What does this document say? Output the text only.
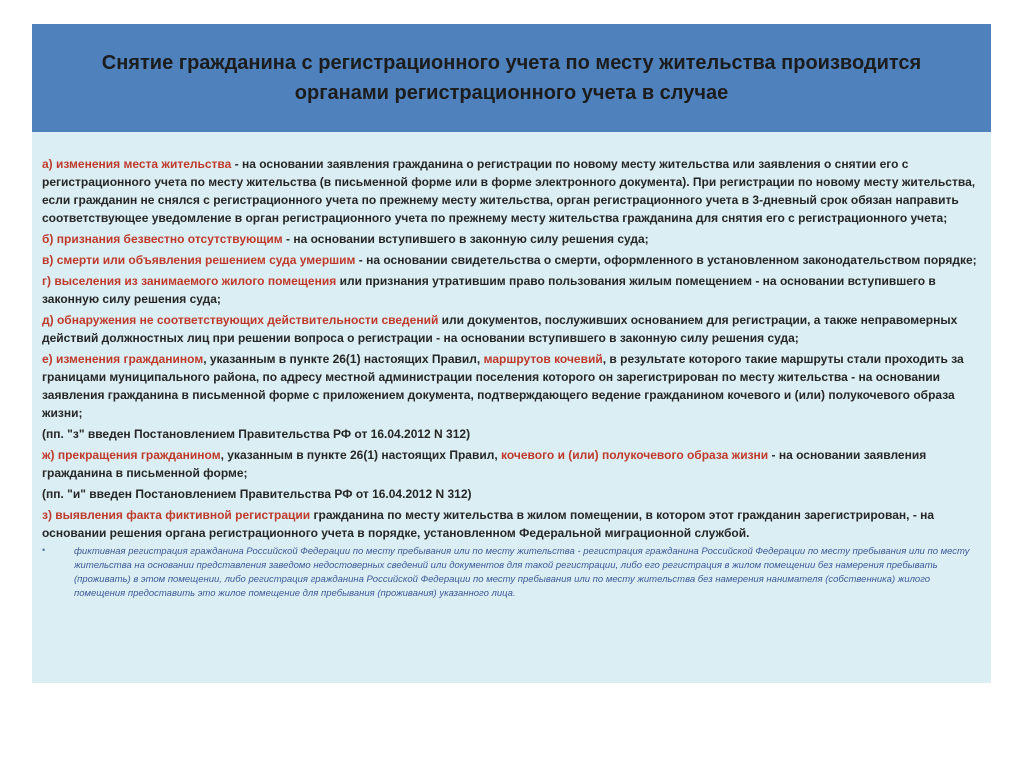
Снятие гражданина с регистрационного учета по месту жительства производится органами регистрационного учета в случае

а) изменения места жительства - на основании заявления гражданина о регистрации по новому месту жительства или заявления о снятии его с регистрационного учета по месту жительства (в письменной форме или в форме электронного документа). При регистрации по новому месту жительства, если гражданин не снялся с регистрационного учета по прежнему месту жительства, орган регистрационного учета в 3-дневный срок обязан направить соответствующее уведомление в орган регистрационного учета по прежнему месту жительства гражданина для снятия его с регистрационного учета;

б) признания безвестно отсутствующим - на основании вступившего в законную силу решения суда;

в) смерти или объявления решением суда умершим - на основании свидетельства о смерти, оформленного в установленном законодательством порядке;

г) выселения из занимаемого жилого помещения или признания утратившим право пользования жилым помещением - на основании вступившего в законную силу решения суда;

д) обнаружения не соответствующих действительности сведений или документов, послуживших основанием для регистрации, а также неправомерных действий должностных лиц при решении вопроса о регистрации - на основании вступившего в законную силу решения суда;

е) изменения гражданином, указанным в пункте 26(1) настоящих Правил, маршрутов кочевий, в результате которого такие маршруты стали проходить за границами муниципального района, по адресу местной администрации поселения которого он зарегистрирован по месту жительства - на основании заявления гражданина в письменной форме с приложением документа, подтверждающего ведение гражданином кочевого и (или) полукочевого образа жизни;

(пп. "з" введен Постановлением Правительства РФ от 16.04.2012 N 312)

ж) прекращения гражданином, указанным в пункте 26(1) настоящих Правил, кочевого и (или) полукочевого образа жизни - на основании заявления гражданина в письменной форме;

(пп. "и" введен Постановлением Правительства РФ от 16.04.2012 N 312)

з) выявления факта фиктивной регистрации гражданина по месту жительства в жилом помещении, в котором этот гражданин зарегистрирован, - на основании решения органа регистрационного учета в порядке, установленном Федеральной миграционной службой.

•	фиктивная регистрация гражданина Российской Федерации по месту пребывания или по месту жительства - регистрация гражданина Российской Федерации по месту пребывания или по месту жительства на основании представления заведомо недостоверных сведений или документов для такой регистрации, либо его регистрация в жилом помещении без намерения пребывать (проживать) в этом помещении, либо регистрация гражданина Российской Федерации по месту пребывания или по месту жительства без намерения нанимателя (собственника) жилого помещения предоставить это жилое помещение для пребывания (проживания) указанного лица.
